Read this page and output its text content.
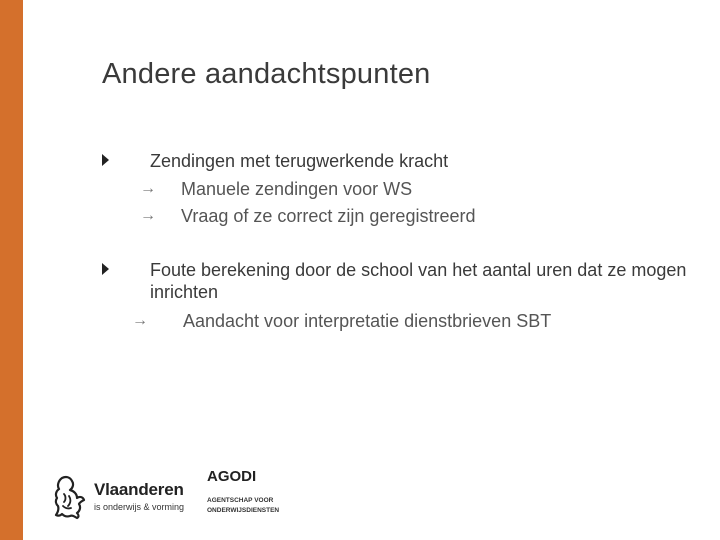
Andere aandachtspunten
Zendingen met terugwerkende kracht
→ Manuele zendingen voor WS
→ Vraag of ze correct zijn geregistreerd
Foute berekening door de school van het aantal uren dat ze mogen inrichten
→ Aandacht voor interpretatie dienstbrieven SBT
Vlaanderen
is onderwijs & vorming
AGODI
AGENTSCHAP VOOR
ONDERWIJSDIENSTEN
